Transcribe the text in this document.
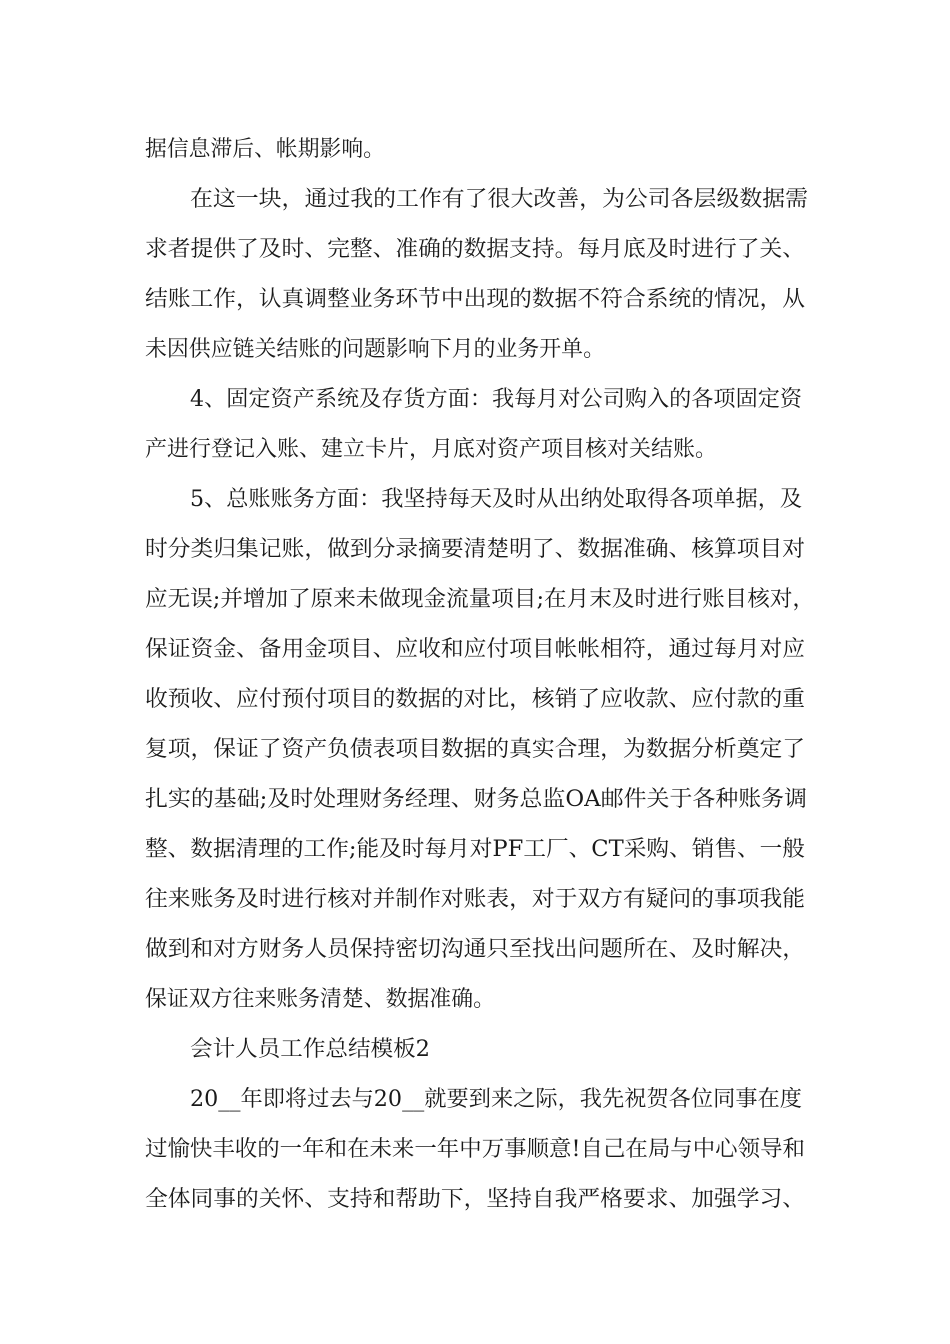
据信息滞后、帐期影响。
在这一块，通过我的工作有了很大改善，为公司各层级数据需
求者提供了及时、完整、准确的数据支持。每月底及时进行了关、
结账工作，认真调整业务环节中出现的数据不符合系统的情况，从
未因供应链关结账的问题影响下月的业务开单。
4、固定资产系统及存货方面：我每月对公司购入的各项固定资
产进行登记入账、建立卡片，月底对资产项目核对关结账。
5、总账账务方面：我坚持每天及时从出纳处取得各项单据，及
时分类归集记账，做到分录摘要清楚明了、数据准确、核算项目对
应无误;并增加了原来未做现金流量项目;在月末及时进行账目核对，
保证资金、备用金项目、应收和应付项目帐帐相符，通过每月对应
收预收、应付预付项目的数据的对比，核销了应收款、应付款的重
复项，保证了资产负债表项目数据的真实合理，为数据分析奠定了
扎实的基础;及时处理财务经理、财务总监OA邮件关于各种账务调
整、数据清理的工作;能及时每月对PF工厂、CT采购、销售、一般
往来账务及时进行核对并制作对账表，对于双方有疑问的事项我能
做到和对方财务人员保持密切沟通只至找出问题所在、及时解决，
保证双方往来账务清楚、数据准确。
会计人员工作总结模板2
20__年即将过去与20__就要到来之际，我先祝贺各位同事在度
过愉快丰收的一年和在未来一年中万事顺意!自己在局与中心领导和
全体同事的关怀、支持和帮助下，坚持自我严格要求、加强学习、
